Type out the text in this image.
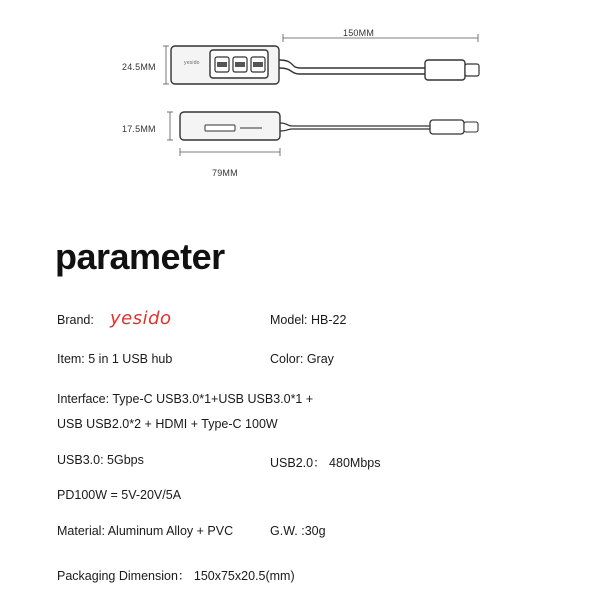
yesido
150MM
24.5MM
17.5MM
79MM
parameter
Brand: yesido	Model: HB-22
Item: 5 in 1 USB hub	Color: Gray
Interface: Type-C USB3.0*1+USB USB3.0*1 +
USB USB2.0*2 + HDMI + Type-C 100W
USB3.0: 5Gbps	USB2.0： 480Mbps
PD100W = 5V-20V/5A
Material: Aluminum Alloy + PVC	G.W. :30g
Packaging Dimension： 150x75x20.5(mm)
